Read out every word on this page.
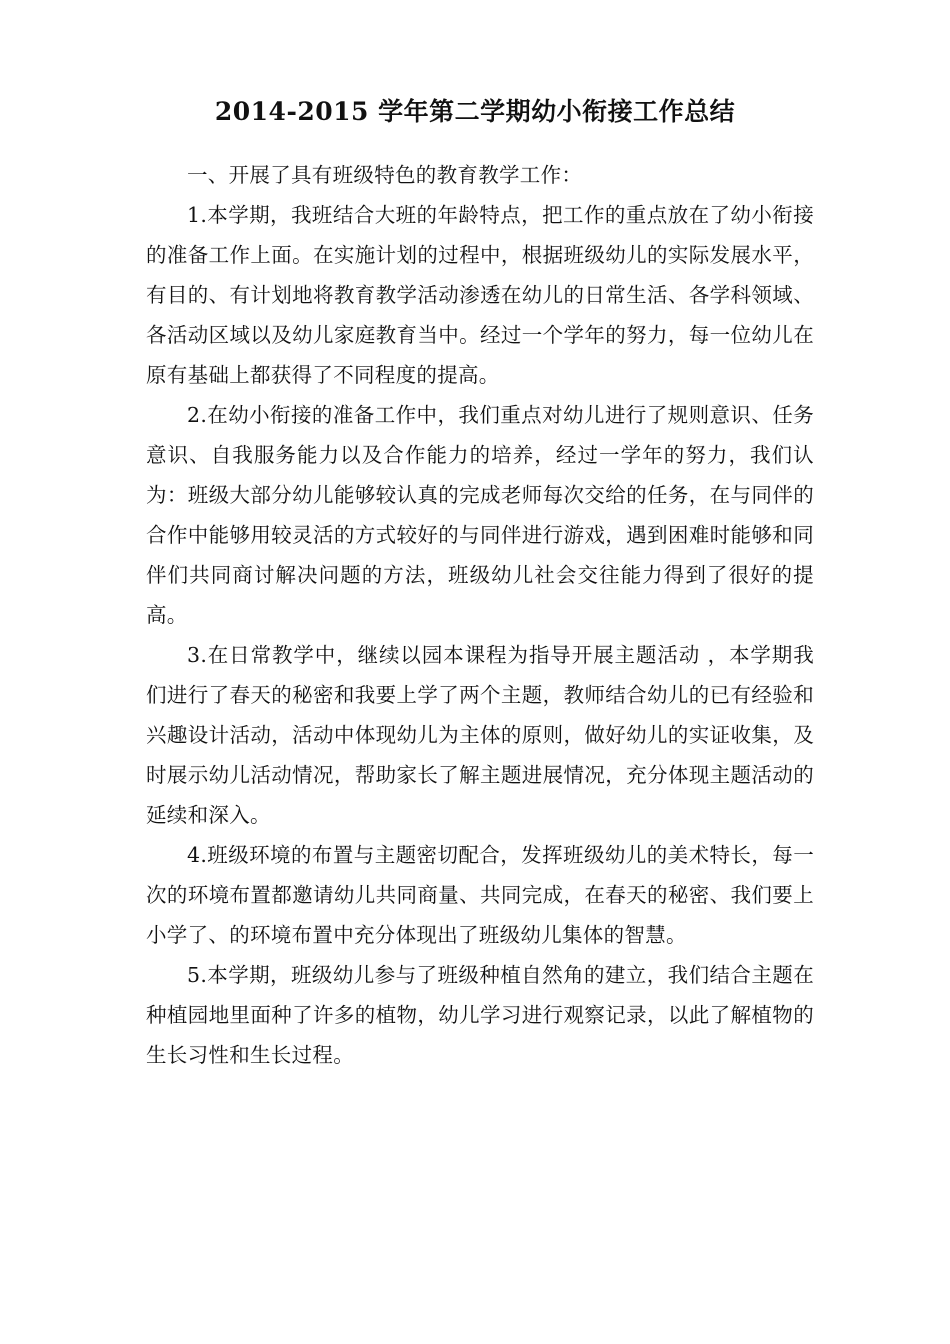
2014-2015 学年第二学期幼小衔接工作总结

一、开展了具有班级特色的教育教学工作：

1.本学期，我班结合大班的年龄特点，把工作的重点放在了幼小衔接 的准备工作上面。在实施计划的过程中，根据班级幼儿的实际发展水平，有目的、有计划地将教育教学活动渗透在幼儿的日常生活、各学科领域、各活动区域以及幼儿家庭教育当中。经过一个学年的努力，每一位幼儿在原有基础上都获得了不同程度的提高。

2.在幼小衔接的准备工作中，我们重点对幼儿进行了规则意识、任务意识、自我服务能力以及合作能力的培养，经过一学年的努力，我们认为：班级大部分幼儿能够较认真的完成老师每次交给的任务，在与同伴的合作中能够用较灵活的方式较好的与同伴进行游戏，遇到困难时能够和同伴们共同商讨解决问题的方法，班级幼儿社会交往能力得到了很好的提高。

3.在日常教学中，继续以园本课程为指导开展主题活动 ，本学期我们进行了春天的秘密和我要上学了两个主题，教师结合幼儿的已有经验和兴趣设计活动，活动中体现幼儿为主体的原则，做好幼儿的实证收集，及时展示幼儿活动情况，帮助家长了解主题进展情况，充分体现主题活动的延续和深入。

4.班级环境的布置与主题密切配合，发挥班级幼儿的美术特长，每一次的环境布置都邀请幼儿共同商量、共同完成，在春天的秘密、我们要上小学了、的环境布置中充分体现出了班级幼儿集体的智慧。

5.本学期，班级幼儿参与了班级种植自然角的建立，我们结合主题在种植园地里面种了许多的植物，幼儿学习进行观察记录，以此了解植物的生长习性和生长过程。
